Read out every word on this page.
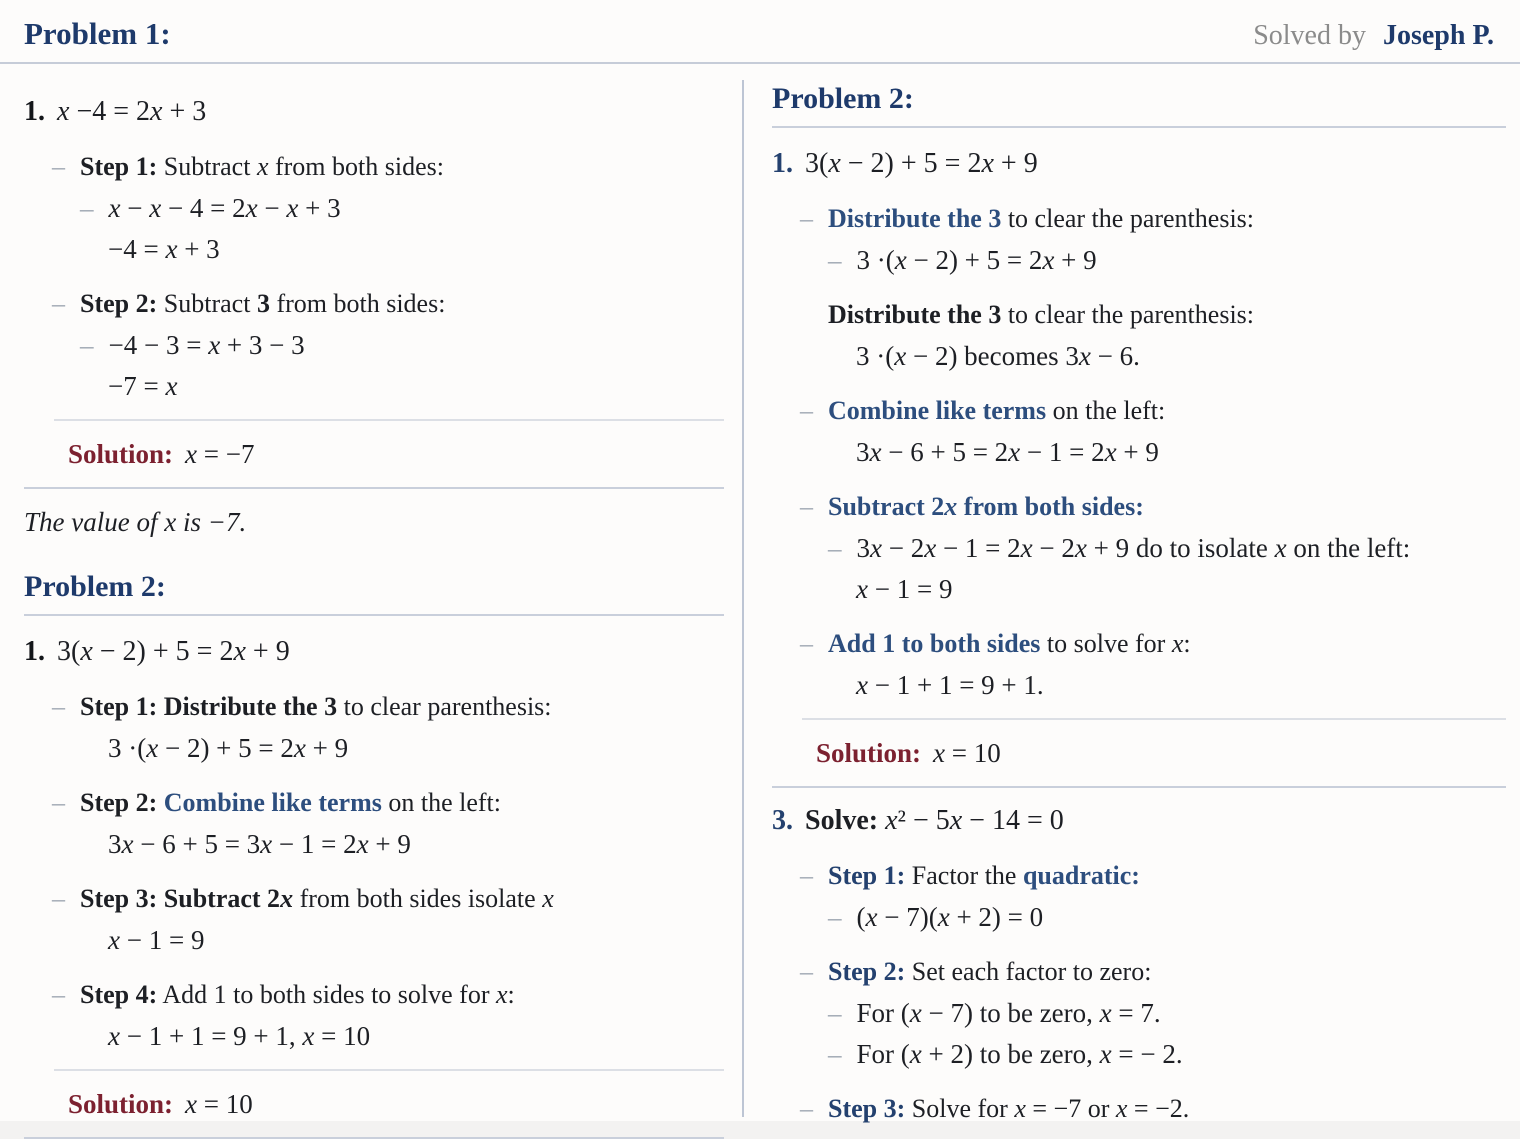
Problem 1:	Solved by Joseph P.
1. x −4 = 2x + 3
– Step 1: Subtract x from both sides:
– x − x − 4 = 2x − x + 3
−4 = x + 3
– Step 2: Subtract 3 from both sides:
– −4 − 3 = x + 3 − 3
−7 = x
Solution: x = −7
The value of x is −7.
Problem 2:
1. 3(x − 2) + 5 = 2x + 9
– Step 1: Distribute the 3 to clear parenthesis:
3 ·(x − 2) + 5 = 2x + 9
– Step 2: Combine like terms on the left:
3x − 6 + 5 = 3x − 1 = 2x + 9
– Step 3: Subtract 2x from both sides isolate x
x − 1 = 9
– Step 4: Add 1 to both sides to solve for x:
x − 1 + 1 = 9 + 1, x = 10
Solution: x = 10
Problem 2:
1. 3(x − 2) + 5 = 2x + 9
– Distribute the 3 to clear the parenthesis:
– 3 ·(x − 2) + 5 = 2x + 9
Distribute the 3 to clear the parenthesis:
3 ·(x − 2) becomes 3x − 6.
– Combine like terms on the left:
3x − 6 + 5 = 2x − 1 = 2x + 9
– Subtract 2x from both sides:
– 3x − 2x − 1 = 2x − 2x + 9 do to isolate x on the left:
x − 1 = 9
– Add 1 to both sides to solve for x:
x − 1 + 1 = 9 + 1.
Solution: x = 10
3. Solve: x² − 5x − 14 = 0
– Step 1: Factor the quadratic:
– (x − 7)(x + 2) = 0
– Step 2: Set each factor to zero:
– For (x − 7) to be zero, x = 7.
– For (x + 2) to be zero, x = − 2.
– Step 3: Solve for x = −7 or x = −2.
